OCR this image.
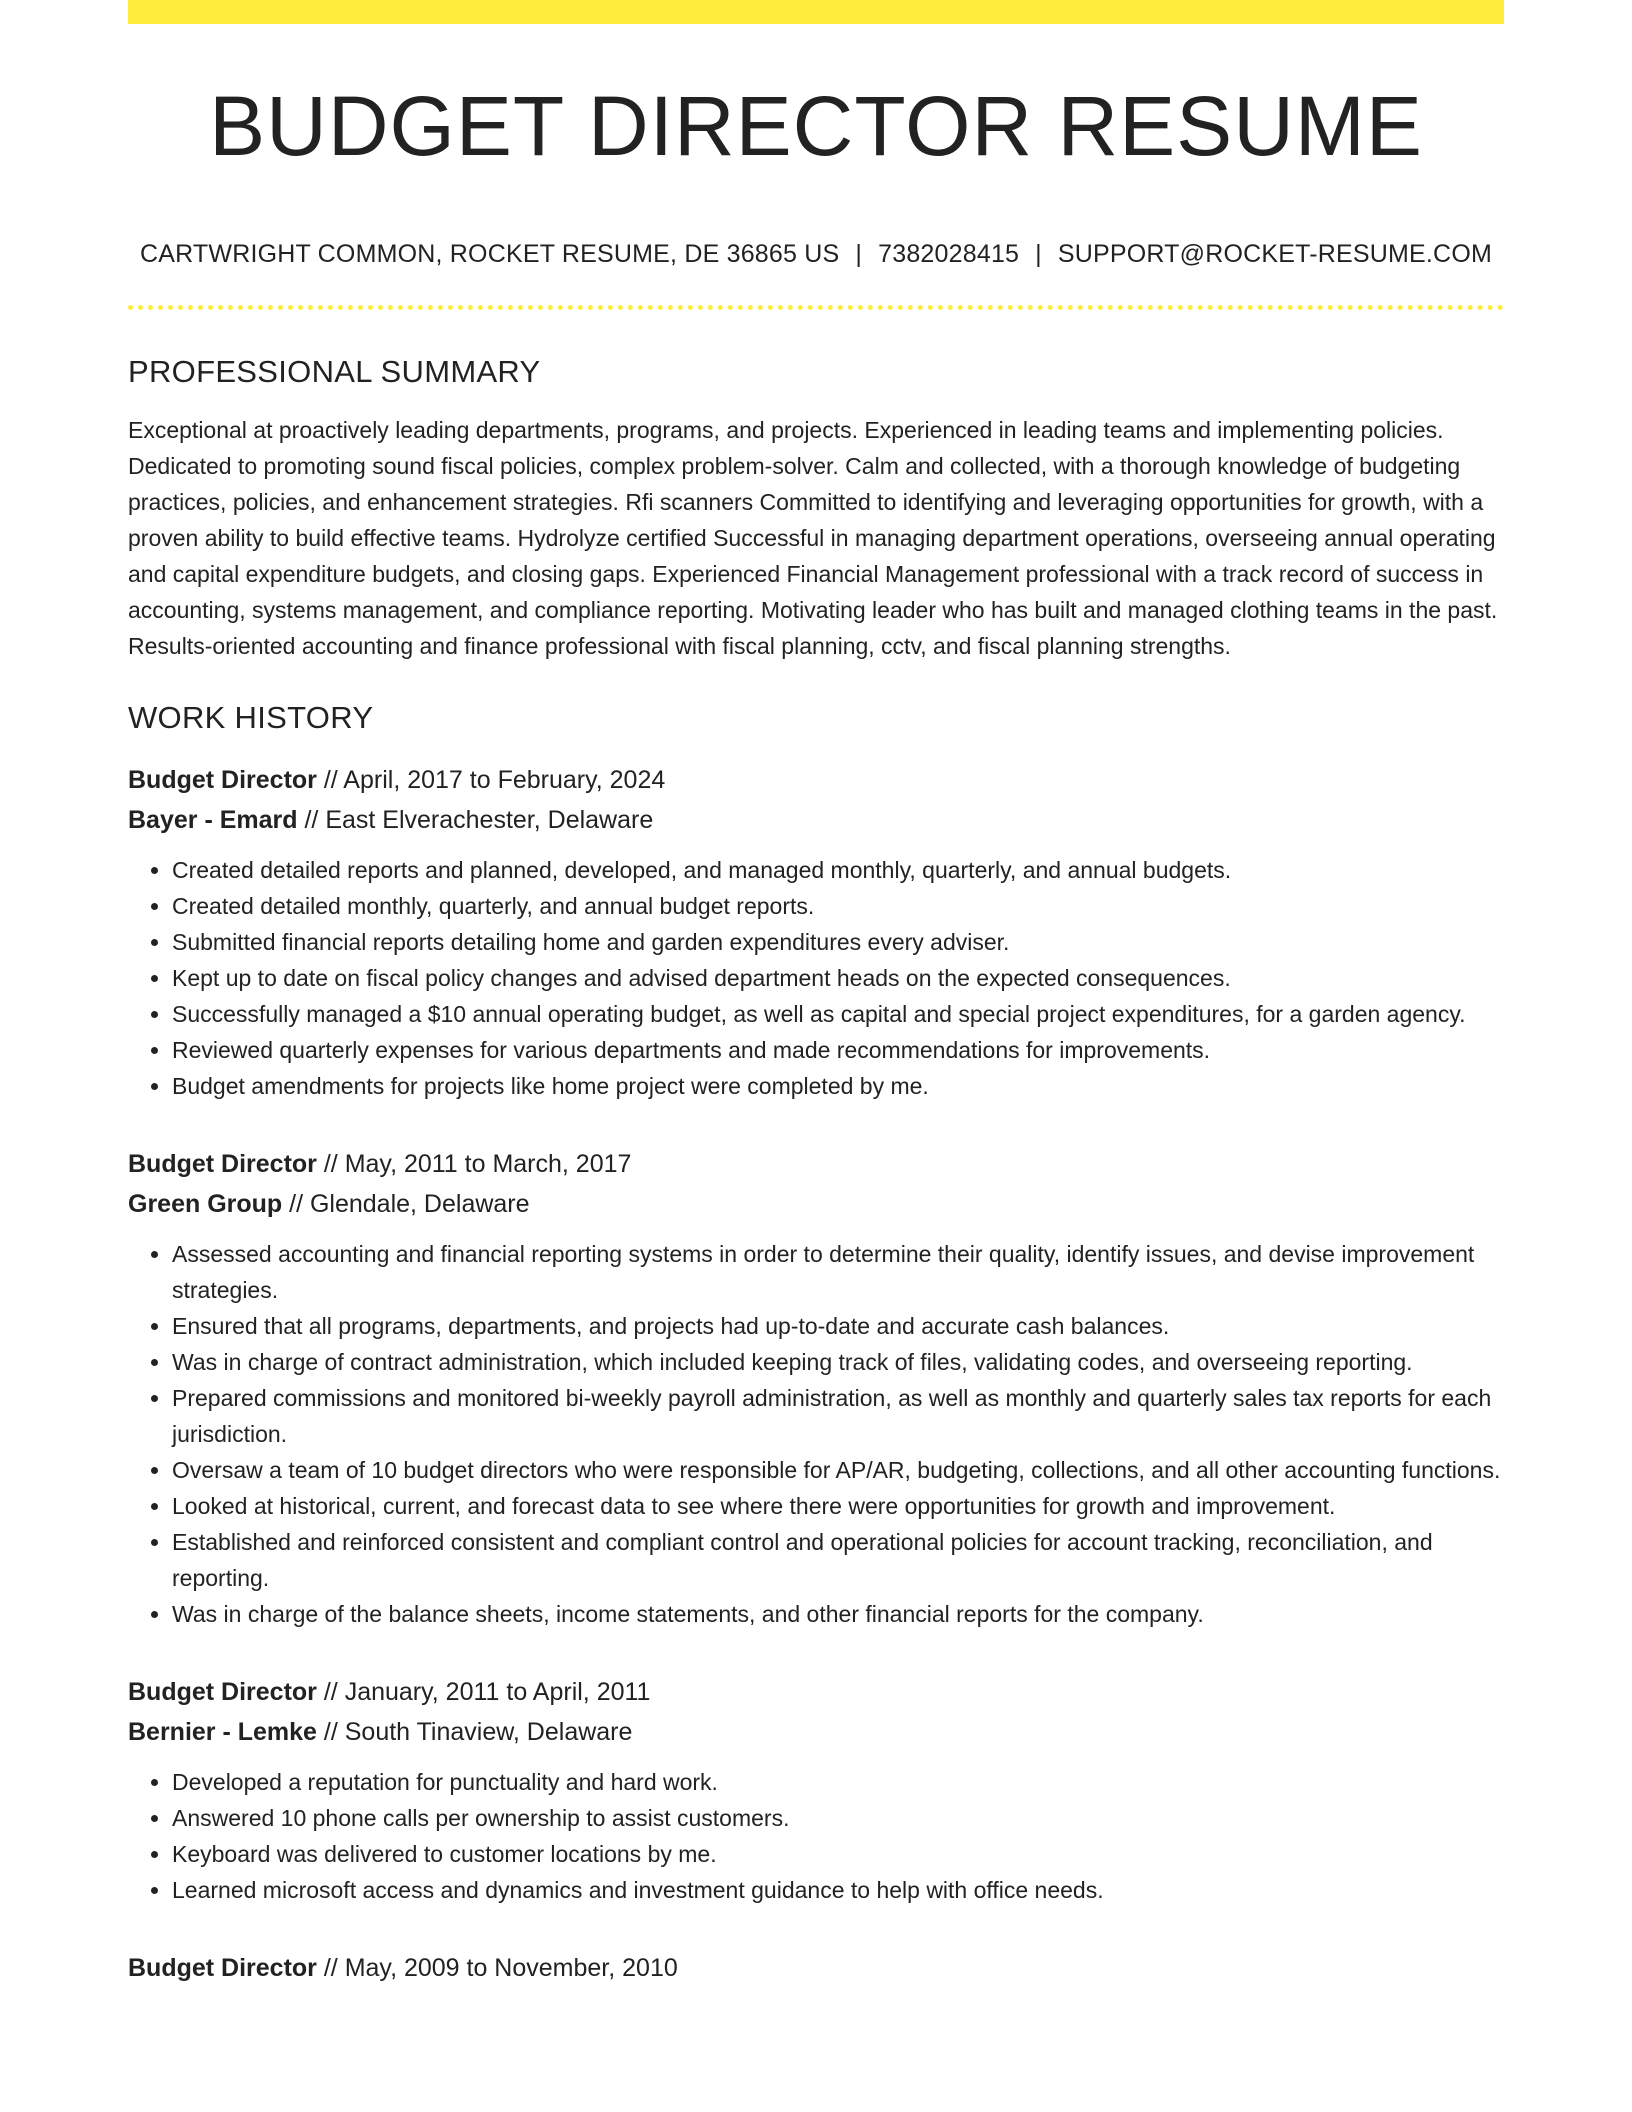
BUDGET DIRECTOR RESUME
CARTWRIGHT COMMON, ROCKET RESUME, DE 36865 US | 7382028415 | SUPPORT@ROCKET-RESUME.COM
PROFESSIONAL SUMMARY

Exceptional at proactively leading departments, programs, and projects. Experienced in leading teams and implementing policies. Dedicated to promoting sound fiscal policies, complex problem-solver. Calm and collected, with a thorough knowledge of budgeting practices, policies, and enhancement strategies. Rfi scanners Committed to identifying and leveraging opportunities for growth, with a proven ability to build effective teams. Hydrolyze certified Successful in managing department operations, overseeing annual operating and capital expenditure budgets, and closing gaps. Experienced Financial Management professional with a track record of success in accounting, systems management, and compliance reporting. Motivating leader who has built and managed clothing teams in the past. Results-oriented accounting and finance professional with fiscal planning, cctv, and fiscal planning strengths.

WORK HISTORY
Budget Director // April, 2017 to February, 2024
Bayer - Emard // East Elverachester, Delaware
• Created detailed reports and planned, developed, and managed monthly, quarterly, and annual budgets.
• Created detailed monthly, quarterly, and annual budget reports.
• Submitted financial reports detailing home and garden expenditures every adviser.
• Kept up to date on fiscal policy changes and advised department heads on the expected consequences.
• Successfully managed a $10 annual operating budget, as well as capital and special project expenditures, for a garden agency.
• Reviewed quarterly expenses for various departments and made recommendations for improvements.
• Budget amendments for projects like home project were completed by me.
Budget Director // May, 2011 to March, 2017
Green Group // Glendale, Delaware
• Assessed accounting and financial reporting systems in order to determine their quality, identify issues, and devise improvement strategies.
• Ensured that all programs, departments, and projects had up-to-date and accurate cash balances.
• Was in charge of contract administration, which included keeping track of files, validating codes, and overseeing reporting.
• Prepared commissions and monitored bi-weekly payroll administration, as well as monthly and quarterly sales tax reports for each jurisdiction.
• Oversaw a team of 10 budget directors who were responsible for AP/AR, budgeting, collections, and all other accounting functions.
• Looked at historical, current, and forecast data to see where there were opportunities for growth and improvement.
• Established and reinforced consistent and compliant control and operational policies for account tracking, reconciliation, and reporting.
• Was in charge of the balance sheets, income statements, and other financial reports for the company.
Budget Director // January, 2011 to April, 2011
Bernier - Lemke // South Tinaview, Delaware
• Developed a reputation for punctuality and hard work.
• Answered 10 phone calls per ownership to assist customers.
• Keyboard was delivered to customer locations by me.
• Learned microsoft access and dynamics and investment guidance to help with office needs.
Budget Director // May, 2009 to November, 2010
